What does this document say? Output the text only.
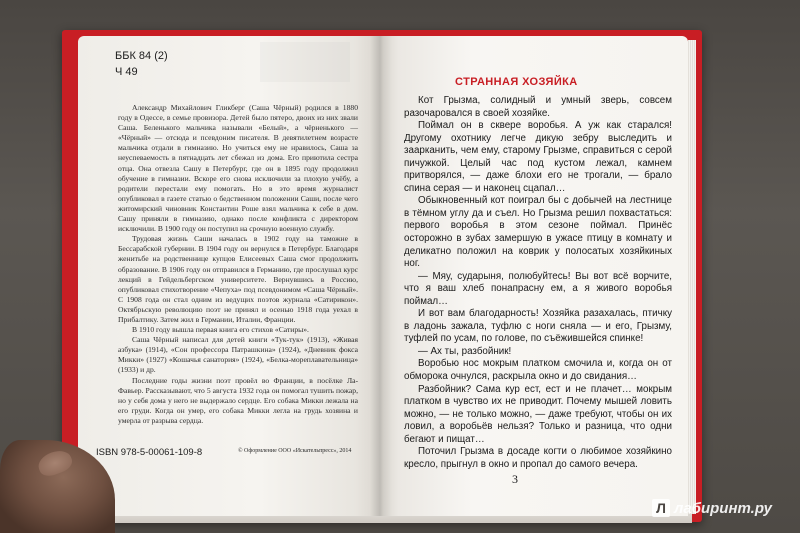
ББК 84 (2)
Ч 49

Александр Михайлович Гликберг (Саша Чёрный) родился в 1880 году в Одессе, в семье провизора. Детей было пятеро, двоих из них звали Саша. Беленького мальчика называли «Белый», а чёрненького — «Чёрный» — отсюда и псевдоним писателя. В девятилетнем возрасте мальчика отдали в гимназию. Но учиться ему не нравилось, Саша за неуспеваемость в пятнадцать лет сбежал из дома. Его приютила сестра отца. Она отвезла Сашу в Петербург, где он в 1895 году продолжил обучение в гимназии. Вскоре его снова исключили за плохую учёбу, а родители перестали ему помогать. Но в это время журналист опубликовал в газете статью о бедственном положении Саши, после чего житомирский чиновник Константин Роше взял мальчика к себе в дом. Сашу приняли в гимназию, однако после конфликта с директором исключили. В 1900 году он поступил на срочную военную службу.

Трудовая жизнь Саши началась в 1902 году на таможне в Бессарабской губернии. В 1904 году он вернулся в Петербург. Благодаря женитьбе на родственнице купцов Елисеевых Саша смог продолжить образование. В 1906 году он отправился в Германию, где прослушал курс лекций в Гейдельбергском университете. Вернувшись в Россию, опубликовал стихотворение «Чепуха» под псевдонимом «Саша Чёрный». С 1908 года он стал одним из ведущих поэтов журнала «Сатирикон». Октябрьскую революцию поэт не принял и осенью 1918 года уехал в Прибалтику. Затем жил в Германии, Италии, Франции.

В 1910 году вышла первая книга его стихов «Сатиры».

Саша Чёрный написал для детей книги «Тук-тук» (1913), «Живая азбука» (1914), «Сон профессора Патрашкина» (1924), «Дневник фокса Микки» (1927) «Кошачья санатория» (1924), «Белка-мореплавательница» (1933) и др.

Последние годы жизни поэт провёл во Франции, в посёлке Ла-Фавьер. Рассказывают, что 5 августа 1932 года он помогал тушить пожар, но у себя дома у него не выдержало сердце. Его собака Микки лежала на его груди. Когда он умер, его собака Микки легла на грудь хозяина и умерла от разрыва сердца.

ISBN 978-5-00061-109-8	© Оформление ООО «Искательпресс», 2014
СТРАННАЯ ХОЗЯЙКА

Кот Грызма, солидный и умный зверь, совсем разочаровался в своей хозяйке.

Поймал он в сквере воробья. А уж как старался! Другому охотнику легче дикую зебру выследить и заарканить, чем ему, старому Грызме, справиться с серой пичужкой. Целый час под кустом лежал, камнем притворялся, — даже блохи его не трогали, — брало спина серая — и наконец сцапал…

Обыкновенный кот поиграл бы с добычей на лестнице в тёмном углу да и съел. Но Грызма решил похвастаться: первого воробья в этом сезоне поймал. Принёс осторожно в зубах замершую в ужасе птицу в комнату и деликатно положил на коврик у полосатых хозяйкиных ног.

— Мяу, сударыня, полюбуйтесь! Вы вот всё ворчите, что я ваш хлеб понапрасну ем, а я живого воробья поймал…

И вот вам благодарность! Хозяйка разахалась, птичку в ладонь зажала, туфлю с ноги сняла — и его, Грызму, туфлей по усам, по голове, по съёжившейся спинке!

— Ах ты, разбойник!

Воробью нос мокрым платком смочила и, когда он от обморока очнулся, раскрыла окно и до свидания…

Разбойник? Сама кур ест, ест и не плачет… мокрым платком в чувство их не приводит. Почему мышей ловить можно, — не только можно, — даже требуют, чтобы он их ловил, а воробьёв нельзя? Только и разница, что одни бегают и пищат…

Поточил Грызма в досаде когти о любимое хозяйкино кресло, прыгнул в окно и пропал до самого вечера.

3
Л лабиринт.ру
